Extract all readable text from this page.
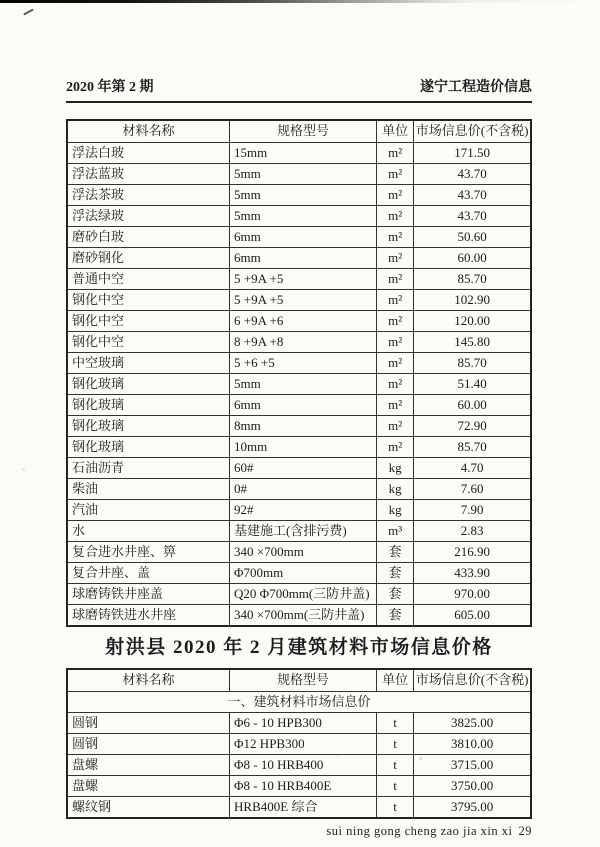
2020 年第 2 期	遂宁工程造价信息
材料名称	规格型号	单位	市场信息价(不含税)
浮法白玻	15mm	m²	171.50
浮法蓝玻	5mm	m²	43.70
浮法茶玻	5mm	m²	43.70
浮法绿玻	5mm	m²	43.70
磨砂白玻	6mm	m²	50.60
磨砂钢化	6mm	m²	60.00
普通中空	5 +9A +5	m²	85.70
钢化中空	5 +9A +5	m²	102.90
钢化中空	6 +9A +6	m²	120.00
钢化中空	8 +9A +8	m²	145.80
中空玻璃	5 +6 +5	m²	85.70
钢化玻璃	5mm	m²	51.40
钢化玻璃	6mm	m²	60.00
钢化玻璃	8mm	m²	72.90
钢化玻璃	10mm	m²	85.70
石油沥青	60#	kg	4.70
柴油	0#	kg	7.60
汽油	92#	kg	7.90
水	基建施工(含排污费)	m³	2.83
复合进水井座、箅	340 ×700mm	套	216.90
复合井座、盖	Φ700mm	套	433.90
球磨铸铁井座盖	Q20 Φ700mm(三防井盖)	套	970.00
球磨铸铁进水井座	340 ×700mm(三防井盖)	套	605.00
射洪县 2020 年 2 月建筑材料市场信息价格
材料名称	规格型号	单位	市场信息价(不含税)
一、建筑材料市场信息价			
圆钢	Φ6 - 10 HPB300	t	3825.00
圆钢	Φ12 HPB300	t	3810.00
盘螺	Φ8 - 10 HRB400	t	3715.00
盘螺	Φ8 - 10 HRB400E	t	3750.00
螺纹钢	HRB400E 综合	t	3795.00
sui ning gong cheng zao jia xin xi 29
